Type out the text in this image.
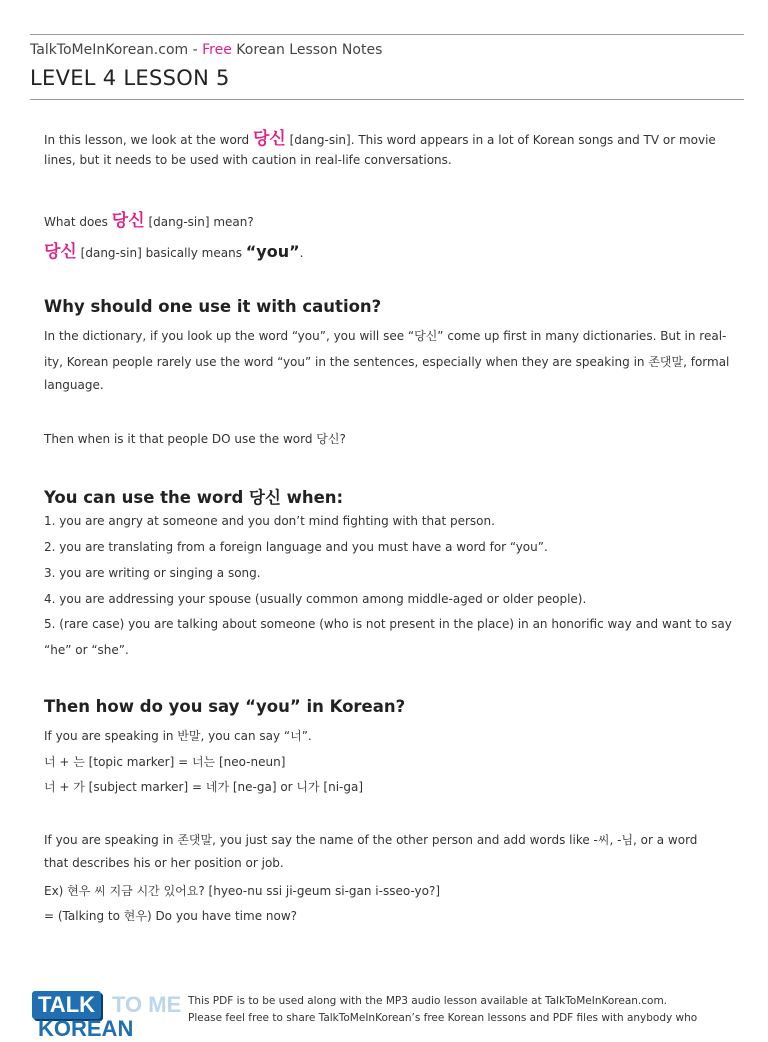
TalkToMeInKorean.com - Free Korean Lesson Notes
LEVEL 4 LESSON 5
In this lesson, we look at the word 당신 [dang-sin]. This word appears in a lot of Korean songs and TV or movie
lines, but it needs to be used with caution in real-life conversations.
What does 당신 [dang-sin] mean?
당신 [dang-sin] basically means “you”.
Why should one use it with caution?
In the dictionary, if you look up the word “you”, you will see “당신” come up first in many dictionaries. But in real-
ity, Korean people rarely use the word “you” in the sentences, especially when they are speaking in 존댓말, formal
language.
Then when is it that people DO use the word 당신?
You can use the word 당신 when:
1. you are angry at someone and you don’t mind fighting with that person.
2. you are translating from a foreign language and you must have a word for “you”.
3. you are writing or singing a song.
4. you are addressing your spouse (usually common among middle-aged or older people).
5. (rare case) you are talking about someone (who is not present in the place) in an honorific way and want to say
“he” or “she”.
Then how do you say “you” in Korean?
If you are speaking in 반말, you can say “너”.
너 + 는 [topic marker] = 너는 [neo-neun]
너 + 가 [subject marker] = 네가 [ne-ga] or 니가 [ni-ga]
If you are speaking in 존댓말, you just say the name of the other person and add words like -씨, -님, or a word
that describes his or her position or job.
Ex) 현우 씨 지금 시간 있어요? [hyeo-nu ssi ji-geum si-gan i-sseo-yo?]
= (Talking to 현우) Do you have time now?
TALK TO ME
KOREAN
This PDF is to be used along with the MP3 audio lesson available at TalkToMeInKorean.com.
Please feel free to share TalkToMeInKorean’s free Korean lessons and PDF files with anybody who
